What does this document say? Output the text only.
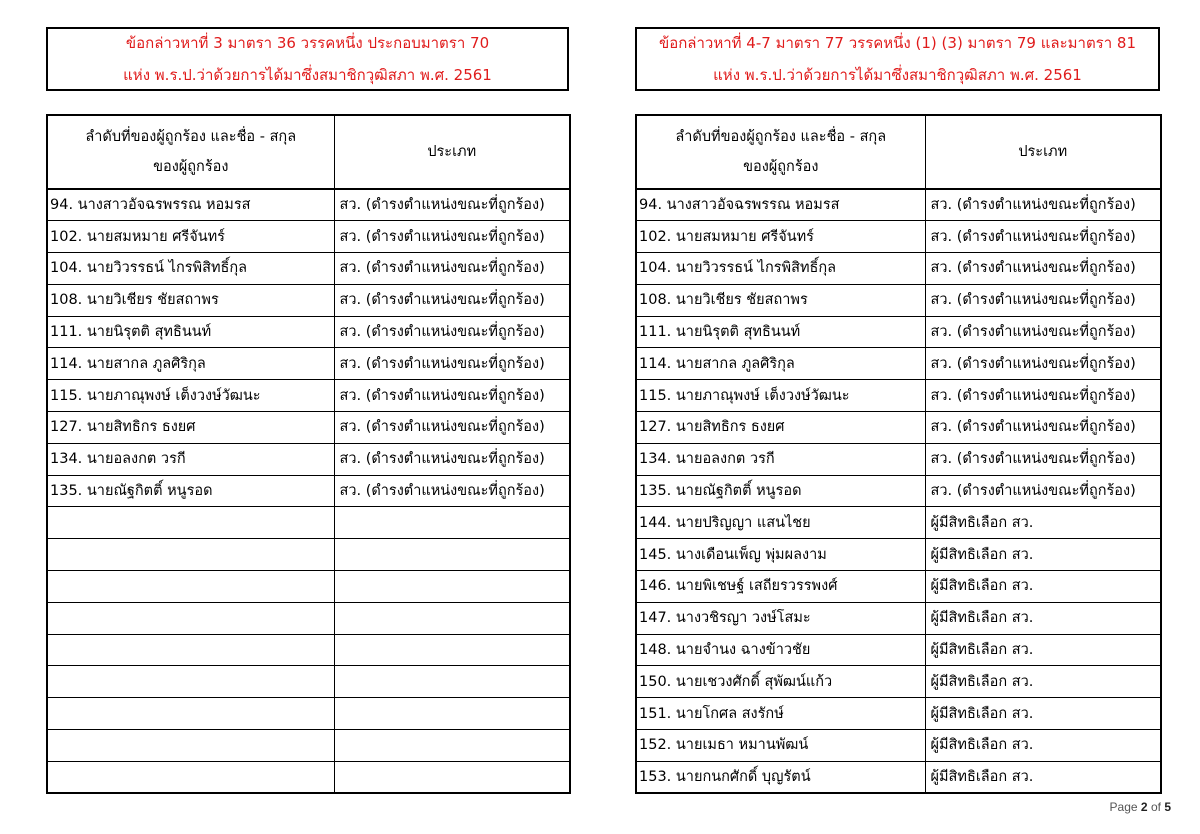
ข้อกล่าวหาที่ 3 มาตรา 36 วรรคหนึ่ง ประกอบมาตรา 70
แห่ง พ.ร.ป.ว่าด้วยการได้มาซึ่งสมาชิกวุฒิสภา พ.ศ. 2561
ข้อกล่าวหาที่ 4-7 มาตรา 77 วรรคหนึ่ง (1) (3) มาตรา 79 และมาตรา 81
แห่ง พ.ร.ป.ว่าด้วยการได้มาซึ่งสมาชิกวุฒิสภา พ.ศ. 2561
ลำดับที่ของผู้ถูกร้อง และชื่อ - สกุล
ของผู้ถูกร้อง	ประเภท
94. นางสาวอัจฉรพรรณ หอมรส	สว. (ดำรงตำแหน่งขณะที่ถูกร้อง)
102. นายสมหมาย ศรีจันทร์	สว. (ดำรงตำแหน่งขณะที่ถูกร้อง)
104. นายวิวรรธน์ ไกรพิสิทธิ์กุล	สว. (ดำรงตำแหน่งขณะที่ถูกร้อง)
108. นายวิเชียร ชัยสถาพร	สว. (ดำรงตำแหน่งขณะที่ถูกร้อง)
111. นายนิรุตติ สุทธินนท์	สว. (ดำรงตำแหน่งขณะที่ถูกร้อง)
114. นายสากล ภูลศิริกุล	สว. (ดำรงตำแหน่งขณะที่ถูกร้อง)
115. นายภาณุพงษ์ เต็งวงษ์วัฒนะ	สว. (ดำรงตำแหน่งขณะที่ถูกร้อง)
127. นายสิทธิกร ธงยศ	สว. (ดำรงตำแหน่งขณะที่ถูกร้อง)
134. นายอลงกต วรกี	สว. (ดำรงตำแหน่งขณะที่ถูกร้อง)
135. นายณัฐกิตติ์ หนูรอด	สว. (ดำรงตำแหน่งขณะที่ถูกร้อง)

ลำดับที่ของผู้ถูกร้อง และชื่อ - สกุล
ของผู้ถูกร้อง	ประเภท
94. นางสาวอัจฉรพรรณ หอมรส	สว. (ดำรงตำแหน่งขณะที่ถูกร้อง)
102. นายสมหมาย ศรีจันทร์	สว. (ดำรงตำแหน่งขณะที่ถูกร้อง)
104. นายวิวรรธน์ ไกรพิสิทธิ์กุล	สว. (ดำรงตำแหน่งขณะที่ถูกร้อง)
108. นายวิเชียร ชัยสถาพร	สว. (ดำรงตำแหน่งขณะที่ถูกร้อง)
111. นายนิรุตติ สุทธินนท์	สว. (ดำรงตำแหน่งขณะที่ถูกร้อง)
114. นายสากล ภูลศิริกุล	สว. (ดำรงตำแหน่งขณะที่ถูกร้อง)
115. นายภาณุพงษ์ เต็งวงษ์วัฒนะ	สว. (ดำรงตำแหน่งขณะที่ถูกร้อง)
127. นายสิทธิกร ธงยศ	สว. (ดำรงตำแหน่งขณะที่ถูกร้อง)
134. นายอลงกต วรกี	สว. (ดำรงตำแหน่งขณะที่ถูกร้อง)
135. นายณัฐกิตติ์ หนูรอด	สว. (ดำรงตำแหน่งขณะที่ถูกร้อง)
144. นายปริญญา แสนไชย	ผู้มีสิทธิเลือก สว.
145. นางเดือนเพ็ญ พุ่มผลงาม	ผู้มีสิทธิเลือก สว.
146. นายพิเชษฐ์ เสถียรวรรพงศ์	ผู้มีสิทธิเลือก สว.
147. นางวชิรญา วงษ์โสมะ	ผู้มีสิทธิเลือก สว.
148. นายจำนง ฉางข้าวชัย	ผู้มีสิทธิเลือก สว.
150. นายเชวงศักดิ์ สุพัฒน์แก้ว	ผู้มีสิทธิเลือก สว.
151. นายโกศล สงรักษ์	ผู้มีสิทธิเลือก สว.
152. นายเมธา หมานพัฒน์	ผู้มีสิทธิเลือก สว.
153. นายกนกศักดิ์ บุญรัตน์	ผู้มีสิทธิเลือก สว.
Page 2 of 5
